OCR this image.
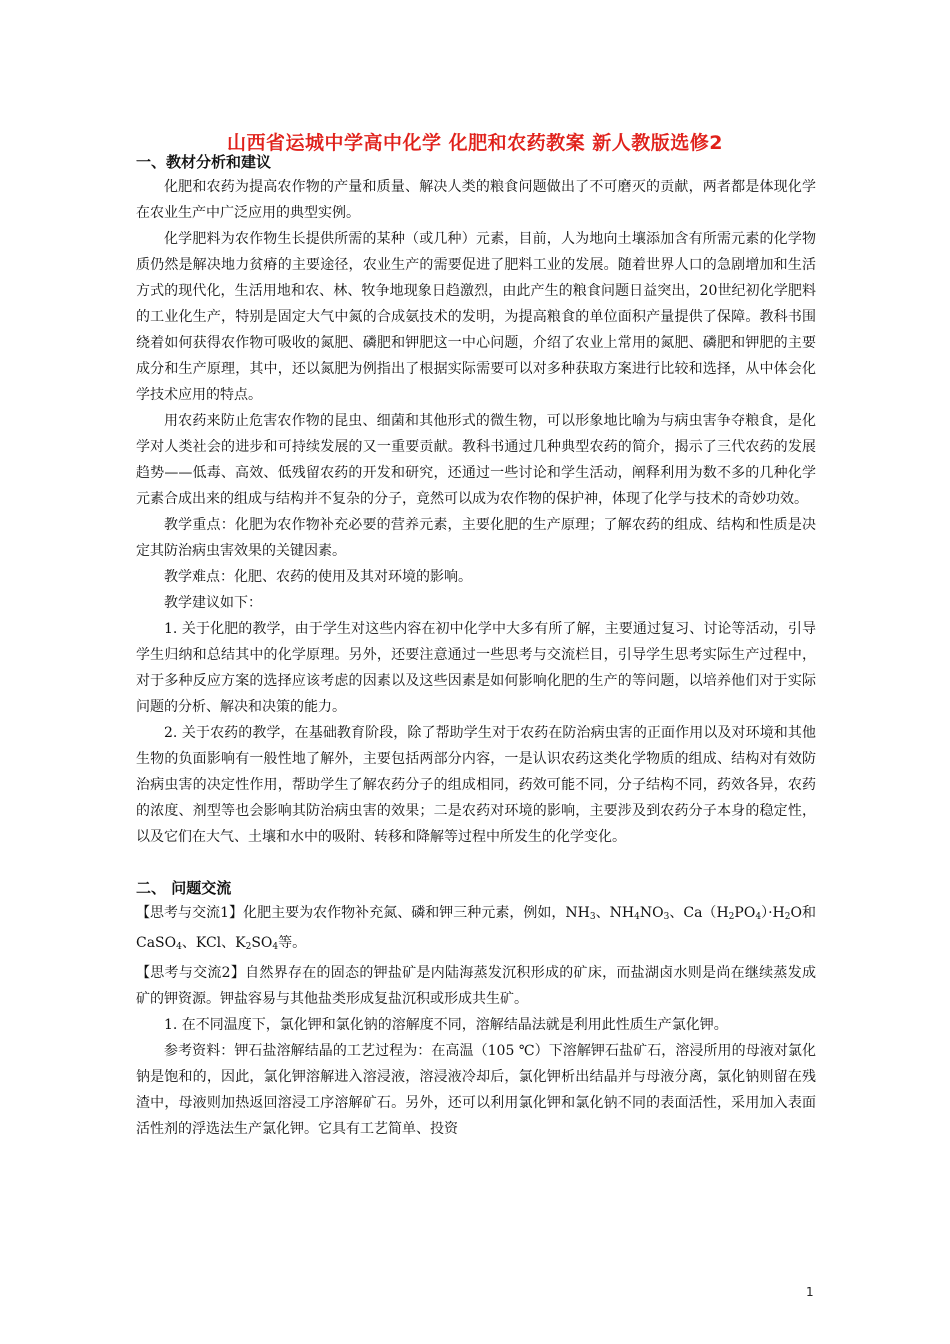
山西省运城中学高中化学 化肥和农药教案 新人教版选修2

一、教材分析和建议

化肥和农药为提高农作物的产量和质量、解决人类的粮食问题做出了不可磨灭的贡献，两者都是体现化学在农业生产中广泛应用的典型实例。

化学肥料为农作物生长提供所需的某种（或几种）元素，目前，人为地向土壤添加含有所需元素的化学物质仍然是解决地力贫瘠的主要途径，农业生产的需要促进了肥料工业的发展。随着世界人口的急剧增加和生活方式的现代化，生活用地和农、林、牧争地现象日趋激烈，由此产生的粮食问题日益突出，20世纪初化学肥料的工业化生产，特别是固定大气中氮的合成氨技术的发明，为提高粮食的单位面积产量提供了保障。教科书围绕着如何获得农作物可吸收的氮肥、磷肥和钾肥这一中心问题，介绍了农业上常用的氮肥、磷肥和钾肥的主要成分和生产原理，其中，还以氮肥为例指出了根据实际需要可以对多种获取方案进行比较和选择，从中体会化学技术应用的特点。

用农药来防止危害农作物的昆虫、细菌和其他形式的微生物，可以形象地比喻为与病虫害争夺粮食，是化学对人类社会的进步和可持续发展的又一重要贡献。教科书通过几种典型农药的简介，揭示了三代农药的发展趋势——低毒、高效、低残留农药的开发和研究，还通过一些讨论和学生活动，阐释利用为数不多的几种化学元素合成出来的组成与结构并不复杂的分子，竟然可以成为农作物的保护神，体现了化学与技术的奇妙功效。

教学重点：化肥为农作物补充必要的营养元素，主要化肥的生产原理；了解农药的组成、结构和性质是决定其防治病虫害效果的关键因素。

教学难点：化肥、农药的使用及其对环境的影响。

教学建议如下：

1. 关于化肥的教学，由于学生对这些内容在初中化学中大多有所了解，主要通过复习、讨论等活动，引导学生归纳和总结其中的化学原理。另外，还要注意通过一些思考与交流栏目，引导学生思考实际生产过程中，对于多种反应方案的选择应该考虑的因素以及这些因素是如何影响化肥的生产的等问题，以培养他们对于实际问题的分析、解决和决策的能力。

2. 关于农药的教学，在基础教育阶段，除了帮助学生对于农药在防治病虫害的正面作用以及对环境和其他生物的负面影响有一般性地了解外，主要包括两部分内容，一是认识农药这类化学物质的组成、结构对有效防治病虫害的决定性作用，帮助学生了解农药分子的组成相同，药效可能不同，分子结构不同，药效各异，农药的浓度、剂型等也会影响其防治病虫害的效果；二是农药对环境的影响，主要涉及到农药分子本身的稳定性，以及它们在大气、土壤和水中的吸附、转移和降解等过程中所发生的化学变化。

二、 问题交流

【思考与交流1】化肥主要为农作物补充氮、磷和钾三种元素，例如，$NH_3$、$NH_4NO_3$、$Ca(H_2PO_4)\cdot H_2O$和CaSO$_4$、KCl、$K_2SO_4$等。

【思考与交流2】自然界存在的固态的钾盐矿是内陆海蒸发沉积形成的矿床，而盐湖卤水则是尚在继续蒸发成矿的钾资源。钾盐容易与其他盐类形成复盐沉积或形成共生矿。

1. 在不同温度下，氯化钾和氯化钠的溶解度不同，溶解结晶法就是利用此性质生产氯化钾。

参考资料：钾石盐溶解结晶的工艺过程为：在高温（105 ℃）下溶解钾石盐矿石，溶浸所用的母液对氯化钠是饱和的，因此，氯化钾溶解进入溶浸液，溶浸液冷却后，氯化钾析出结晶并与母液分离，氯化钠则留在残渣中，母液则加热返回溶浸工序溶解矿石。另外，还可以利用氯化钾和氯化钠不同的表面活性，采用加入表面活性剂的浮选法生产氯化钾。它具有工艺简单、投资

1
